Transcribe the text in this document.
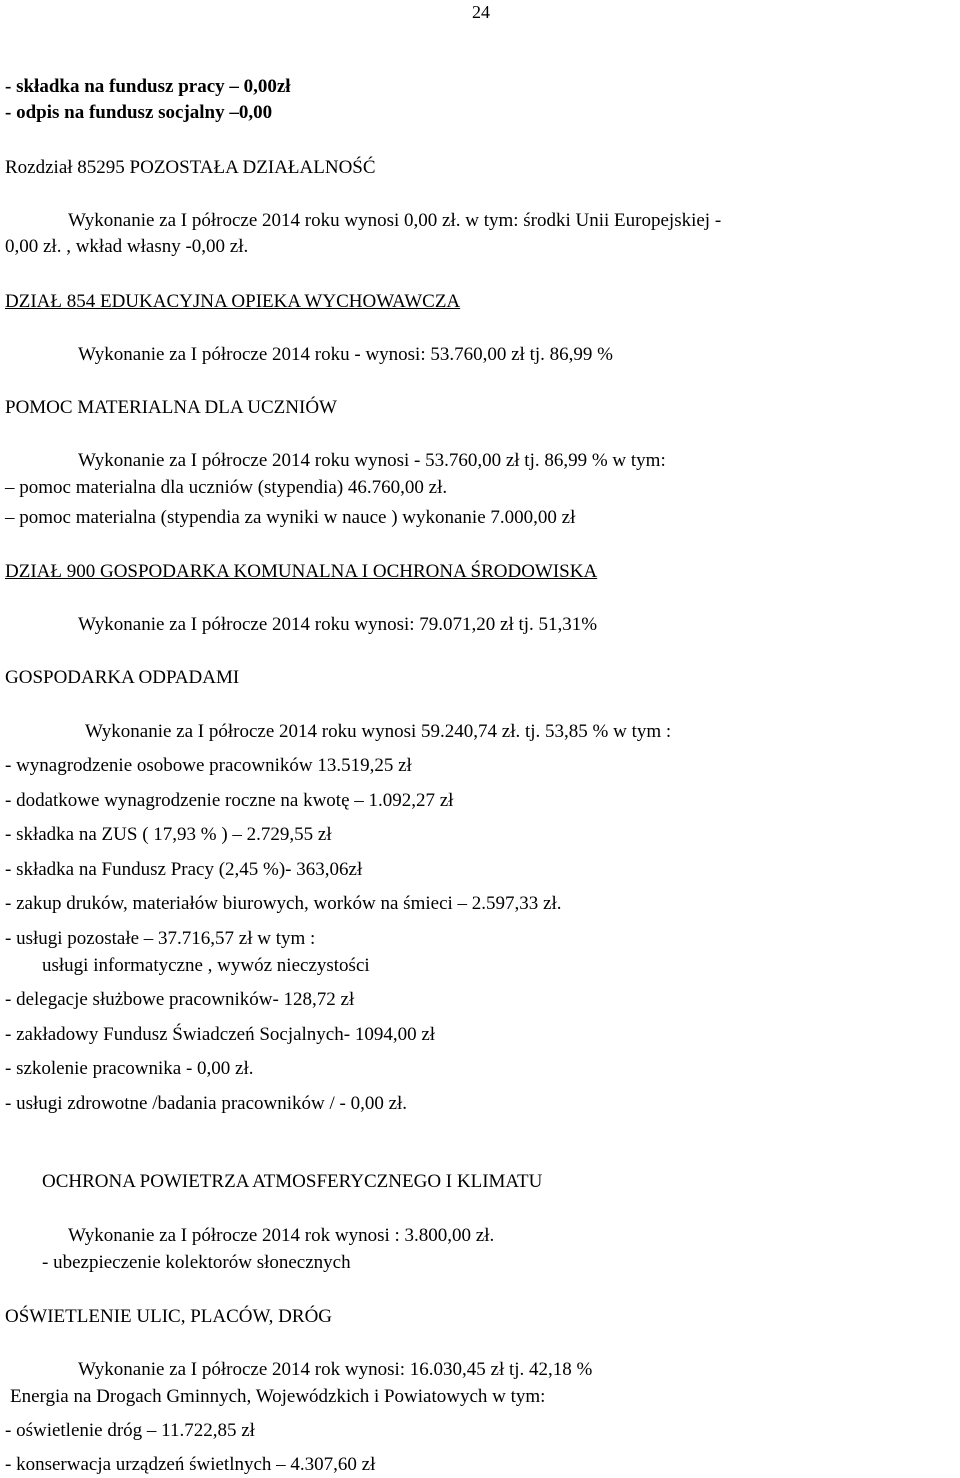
24
- składka na fundusz pracy – 0,00zł
- odpis na fundusz socjalny –0,00
Rozdział 85295 POZOSTAŁA DZIAŁALNOŚĆ
Wykonanie za I półrocze 2014 roku wynosi 0,00 zł. w tym: środki Unii Europejskiej -
0,00 zł. , wkład własny -0,00 zł.
DZIAŁ 854 EDUKACYJNA OPIEKA WYCHOWAWCZA
Wykonanie za I półrocze 2014 roku - wynosi: 53.760,00 zł tj. 86,99 %
POMOC MATERIALNA DLA UCZNIÓW
Wykonanie za I półrocze 2014 roku wynosi - 53.760,00 zł tj. 86,99 % w tym:
– pomoc materialna dla uczniów (stypendia) 46.760,00 zł.
– pomoc materialna (stypendia za wyniki w nauce ) wykonanie 7.000,00 zł
DZIAŁ 900 GOSPODARKA KOMUNALNA I OCHRONA ŚRODOWISKA
Wykonanie za I półrocze 2014 roku wynosi: 79.071,20 zł tj. 51,31%
GOSPODARKA ODPADAMI
Wykonanie za I półrocze 2014 roku wynosi 59.240,74 zł. tj. 53,85 % w tym :
- wynagrodzenie osobowe pracowników 13.519,25 zł
- dodatkowe wynagrodzenie roczne na kwotę – 1.092,27 zł
- składka na ZUS ( 17,93 % ) – 2.729,55 zł
- składka na Fundusz Pracy (2,45 %)- 363,06zł
- zakup druków, materiałów biurowych, worków na śmieci – 2.597,33 zł.
- usługi pozostałe – 37.716,57 zł w tym :
usługi informatyczne , wywóz nieczystości
- delegacje służbowe pracowników- 128,72 zł
- zakładowy Fundusz Świadczeń Socjalnych- 1094,00 zł
- szkolenie pracownika - 0,00 zł.
- usługi zdrowotne /badania pracowników / - 0,00 zł.
OCHRONA POWIETRZA ATMOSFERYCZNEGO I KLIMATU
Wykonanie za I półrocze 2014 rok wynosi : 3.800,00 zł.
- ubezpieczenie kolektorów słonecznych
OŚWIETLENIE ULIC, PLACÓW, DRÓG
Wykonanie za I półrocze 2014 rok wynosi: 16.030,45 zł tj. 42,18 %
Energia na Drogach Gminnych, Wojewódzkich i Powiatowych w tym:
- oświetlenie dróg – 11.722,85 zł
- konserwacja urządzeń świetlnych – 4.307,60 zł
